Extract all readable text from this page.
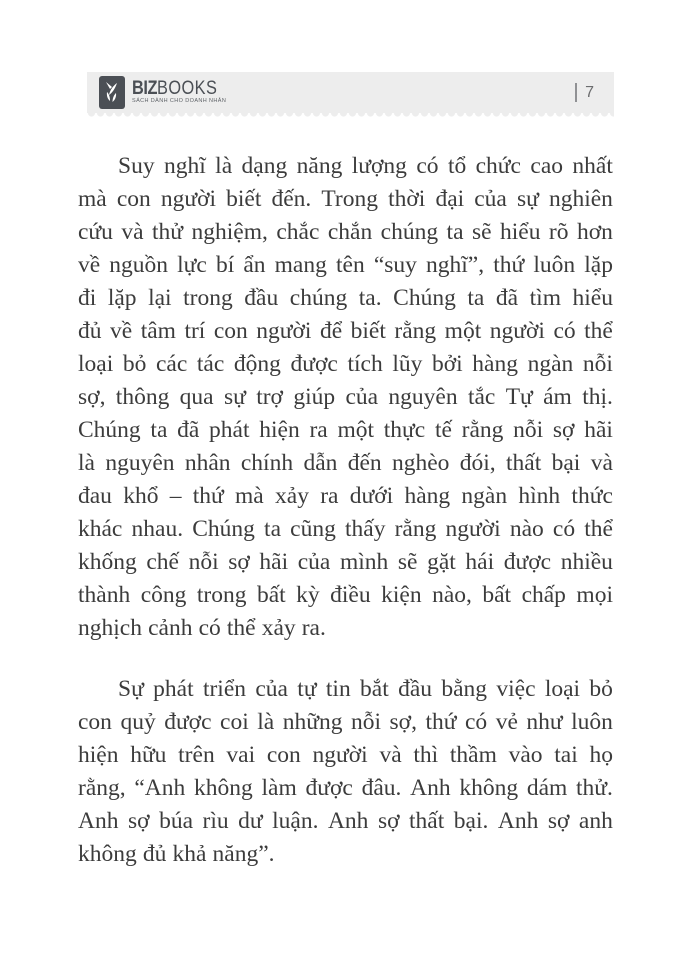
BIZBOOKS
SÁCH DÀNH CHO DOANH NHÂN
7
Suy nghĩ là dạng năng lượng có tổ chức cao nhất
mà con người biết đến. Trong thời đại của sự nghiên
cứu và thử nghiệm, chắc chắn chúng ta sẽ hiểu rõ hơn
về nguồn lực bí ẩn mang tên “suy nghĩ”, thứ luôn lặp
đi lặp lại trong đầu chúng ta. Chúng ta đã tìm hiểu
đủ về tâm trí con người để biết rằng một người có thể
loại bỏ các tác động được tích lũy bởi hàng ngàn nỗi
sợ, thông qua sự trợ giúp của nguyên tắc Tự ám thị.
Chúng ta đã phát hiện ra một thực tế rằng nỗi sợ hãi
là nguyên nhân chính dẫn đến nghèo đói, thất bại và
đau khổ – thứ mà xảy ra dưới hàng ngàn hình thức
khác nhau. Chúng ta cũng thấy rằng người nào có thể
khống chế nỗi sợ hãi của mình sẽ gặt hái được nhiều
thành công trong bất kỳ điều kiện nào, bất chấp mọi
nghịch cảnh có thể xảy ra.
Sự phát triển của tự tin bắt đầu bằng việc loại bỏ
con quỷ được coi là những nỗi sợ, thứ có vẻ như luôn
hiện hữu trên vai con người và thì thầm vào tai họ
rằng, “Anh không làm được đâu. Anh không dám thử.
Anh sợ búa rìu dư luận. Anh sợ thất bại. Anh sợ anh
không đủ khả năng”.
